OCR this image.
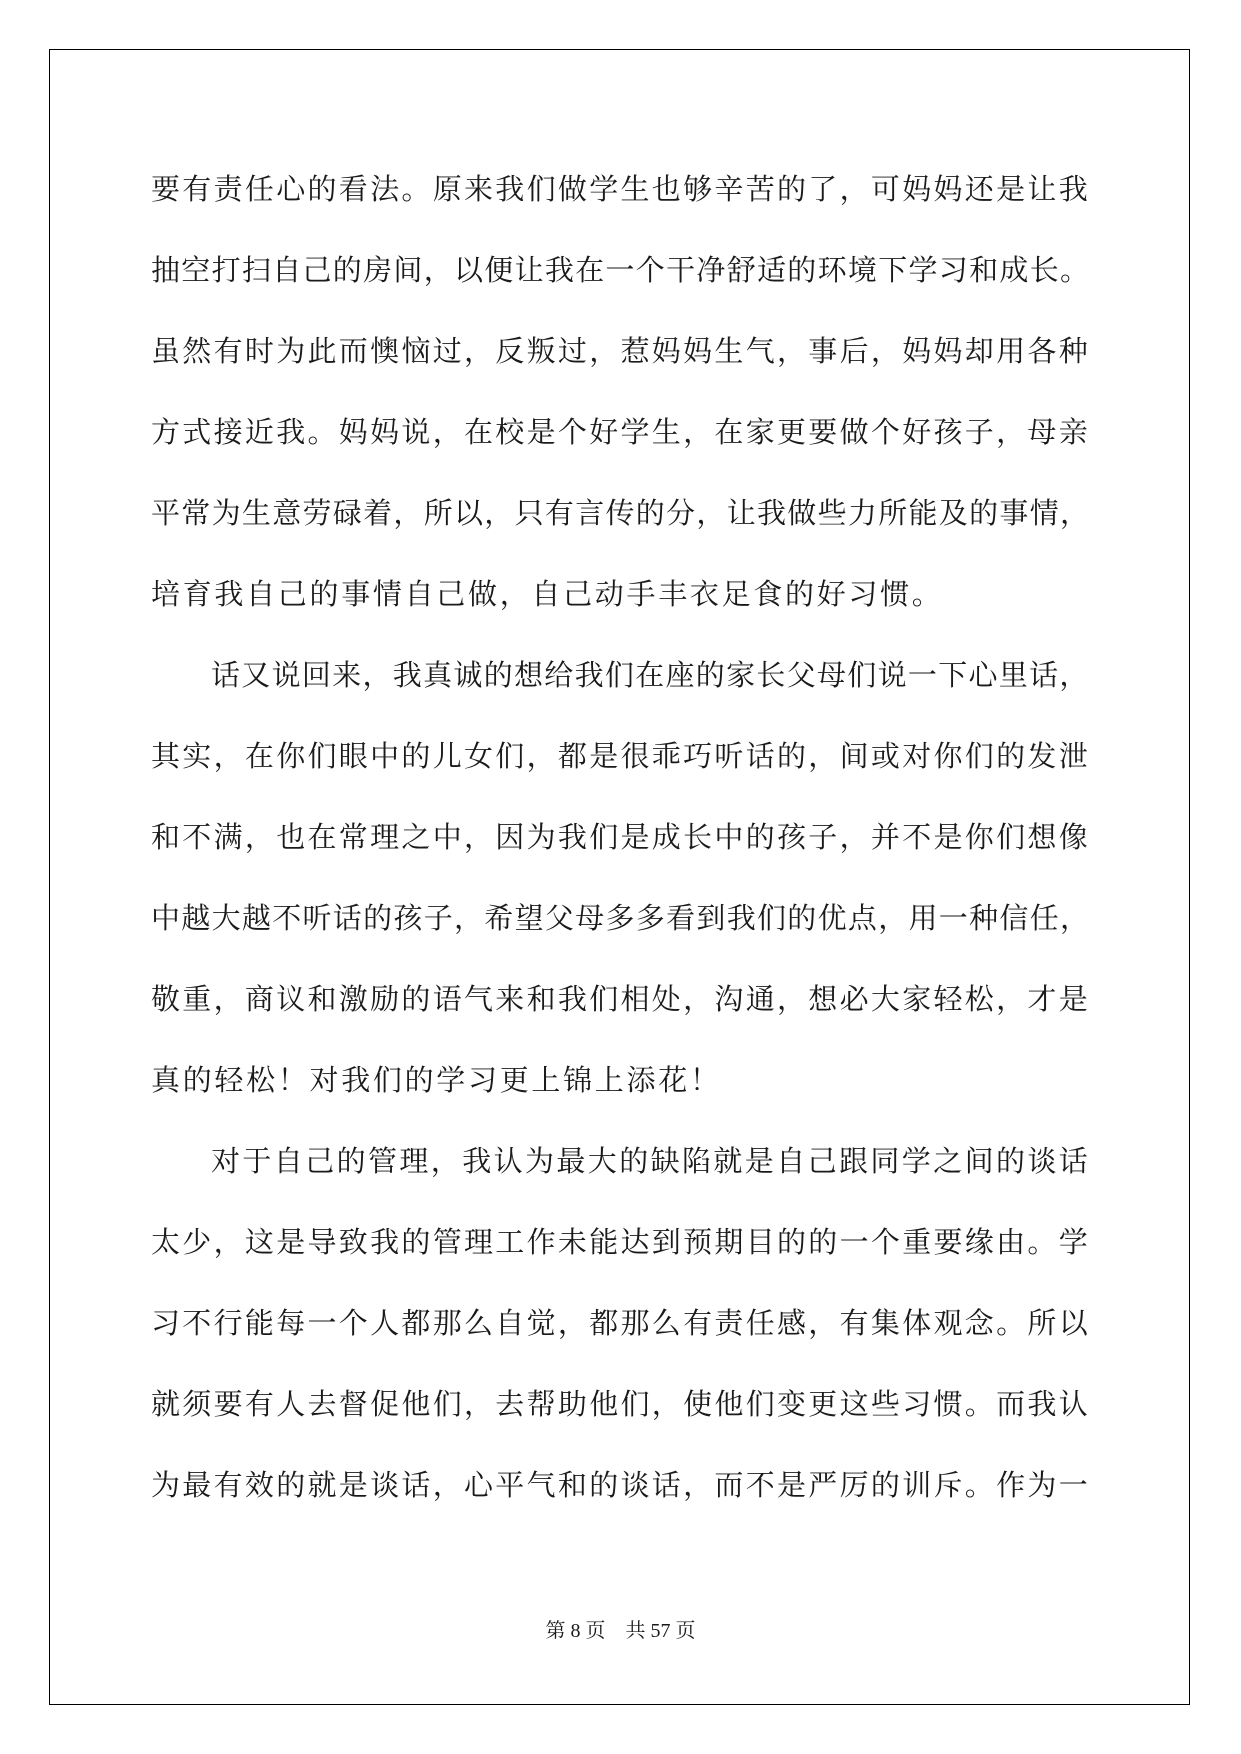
要有责任心的看法。原来我们做学生也够辛苦的了，可妈妈还是让我
抽空打扫自己的房间，以便让我在一个干净舒适的环境下学习和成长。
虽然有时为此而懊恼过，反叛过，惹妈妈生气，事后，妈妈却用各种
方式接近我。妈妈说，在校是个好学生，在家更要做个好孩子，母亲
平常为生意劳碌着，所以，只有言传的分，让我做些力所能及的事情，
培育我自己的事情自己做，自己动手丰衣足食的好习惯。
话又说回来，我真诚的想给我们在座的家长父母们说一下心里话，
其实，在你们眼中的儿女们，都是很乖巧听话的，间或对你们的发泄
和不满，也在常理之中，因为我们是成长中的孩子，并不是你们想像
中越大越不听话的孩子，希望父母多多看到我们的优点，用一种信任，
敬重，商议和激励的语气来和我们相处，沟通，想必大家轻松，才是
真的轻松！对我们的学习更上锦上添花！
对于自己的管理，我认为最大的缺陷就是自己跟同学之间的谈话
太少，这是导致我的管理工作未能达到预期目的的一个重要缘由。学
习不行能每一个人都那么自觉，都那么有责任感，有集体观念。所以
就须要有人去督促他们，去帮助他们，使他们变更这些习惯。而我认
为最有效的就是谈话，心平气和的谈话，而不是严厉的训斥。作为一
第 8 页    共 57 页
